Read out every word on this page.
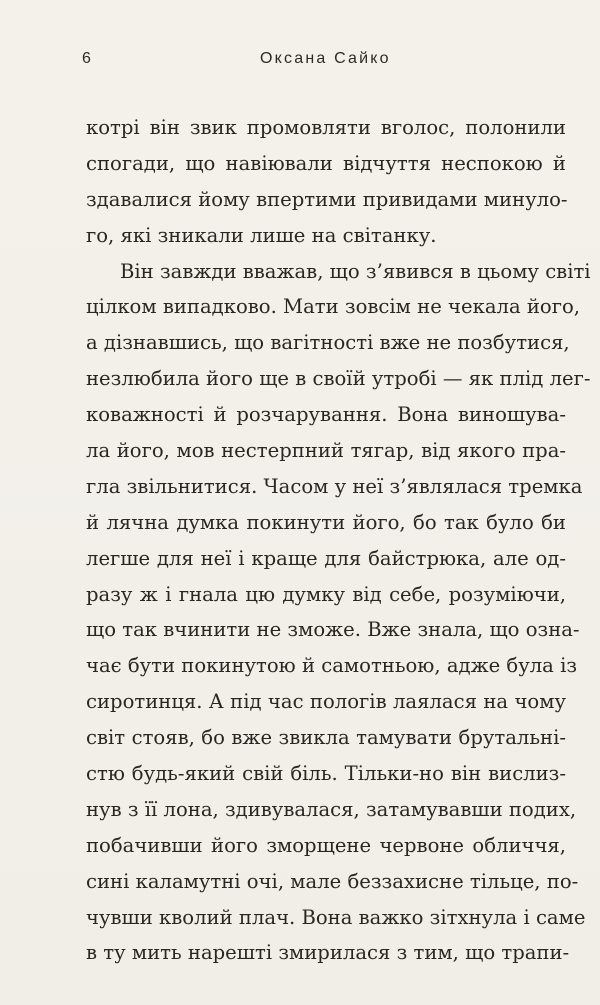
6	Оксана Сайко
котрі він звик промовляти вголос, полонили
спогади, що навіювали відчуття неспокою й
здавалися йому впертими привидами минуло-
го, які зникали лише на світанку.
Він завжди вважав, що з’явився в цьому світі
цілком випадково. Мати зовсім не чекала його,
а дізнавшись, що вагітності вже не позбутися,
незлюбила його ще в своїй утробі — як плід лег-
коважності й розчарування. Вона виношува-
ла його, мов нестерпний тягар, від якого пра-
гла звільнитися. Часом у неї з’являлася тремка
й лячна думка покинути його, бо так було би
легше для неї і краще для байстрюка, але од-
разу ж і гнала цю думку від себе, розуміючи,
що так вчинити не зможе. Вже знала, що озна-
чає бути покинутою й самотньою, адже була із
сиротинця. А під час пологів лаялася на чому
світ стояв, бо вже звикла тамувати брутальні-
стю будь-який свій біль. Тільки-но він вислиз-
нув з її лона, здивувалася, затамувавши подих,
побачивши його зморщене червоне обличчя,
сині каламутні очі, мале беззахисне тільце, по-
чувши кволий плач. Вона важко зітхнула і саме
в ту мить нарешті змирилася з тим, що трапи-
